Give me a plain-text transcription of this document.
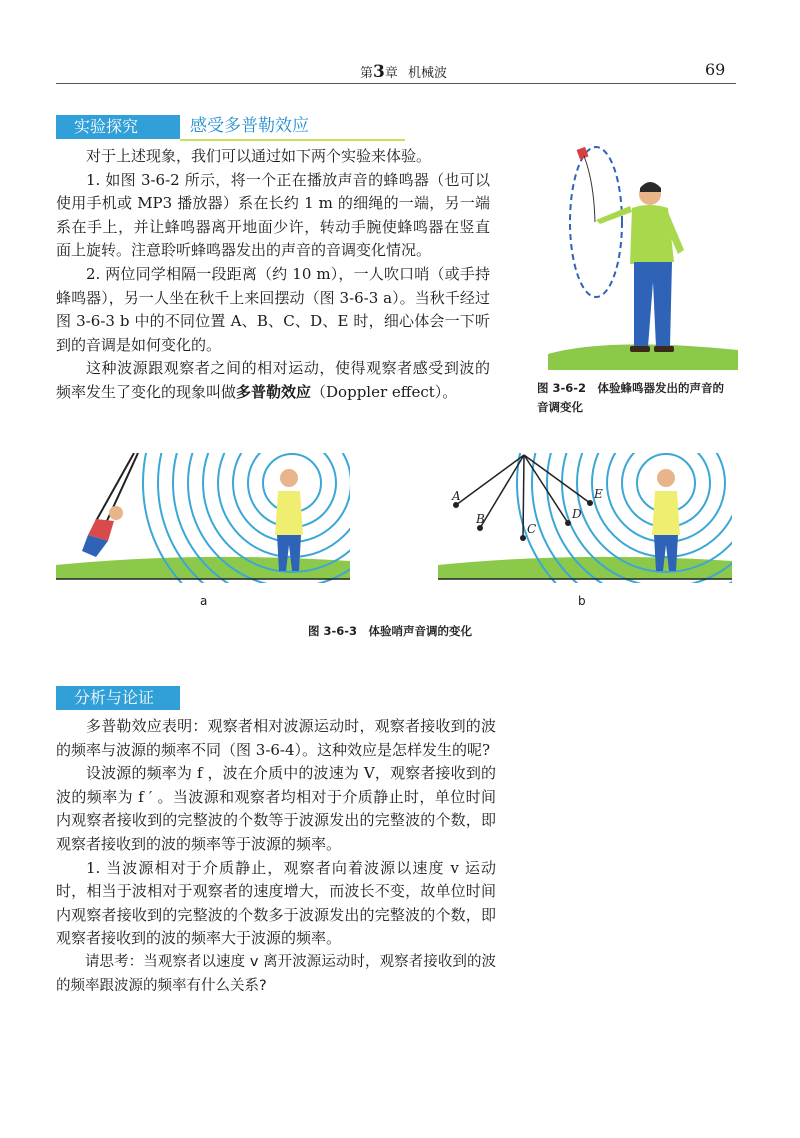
第3章 机械波	69
实验探究	感受多普勒效应

对于上述现象，我们可以通过如下两个实验来体验。

1. 如图 3-6-2 所示，将一个正在播放声音的蜂鸣器（也可以使用手机或 MP3 播放器）系在长约 1 m 的细绳的一端，另一端系在手上，并让蜂鸣器离开地面少许，转动手腕使蜂鸣器在竖直面上旋转。注意聆听蜂鸣器发出的声音的音调变化情况。

2. 两位同学相隔一段距离（约 10 m），一人吹口哨（或手持蜂鸣器），另一人坐在秋千上来回摆动（图 3-6-3 a）。当秋千经过图 3-6-3 b 中的不同位置 A、B、C、D、E 时，细心体会一下听到的音调是如何变化的。

这种波源跟观察者之间的相对运动，使得观察者感受到波的频率发生了变化的现象叫做多普勒效应（Doppler effect）。	图 3-6-2　体验蜂鸣器发出的声音的
音调变化
a
A
B
C
D
E
b
图 3-6-3　体验哨声音调的变化
分析与论证

多普勒效应表明：观察者相对波源运动时，观察者接收到的波的频率与波源的频率不同（图 3-6-4）。这种效应是怎样发生的呢?

设波源的频率为 f ，波在介质中的波速为 V，观察者接收到的波的频率为 f ′ 。当波源和观察者均相对于介质静止时，单位时间内观察者接收到的完整波的个数等于波源发出的完整波的个数，即观察者接收到的波的频率等于波源的频率。

1. 当波源相对于介质静止，观察者向着波源以速度 v 运动时，相当于波相对于观察者的速度增大，而波长不变，故单位时间内观察者接收到的完整波的个数多于波源发出的完整波的个数，即观察者接收到的波的频率大于波源的频率。

请思考：当观察者以速度 v 离开波源运动时，观察者接收到的波的频率跟波源的频率有什么关系?
